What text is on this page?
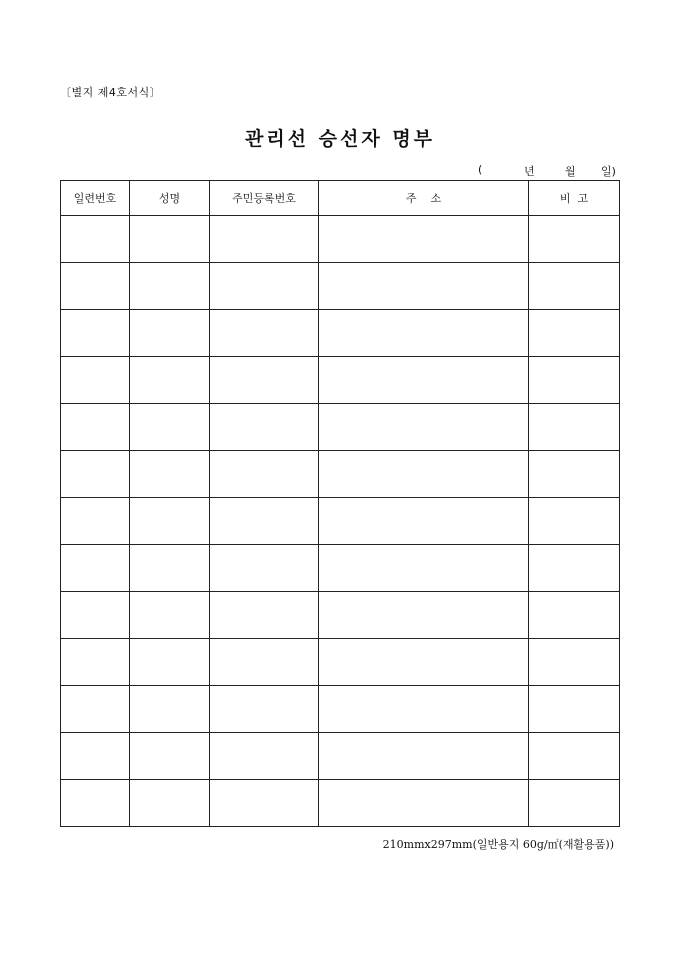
〔별지 제4호서식〕
관리선 승선자 명부
(	년	월 일)
일련번호	성명	주민등록번호	주    소	비  고

210mmx297mm(일반용지 60g/㎡(재활용품))
